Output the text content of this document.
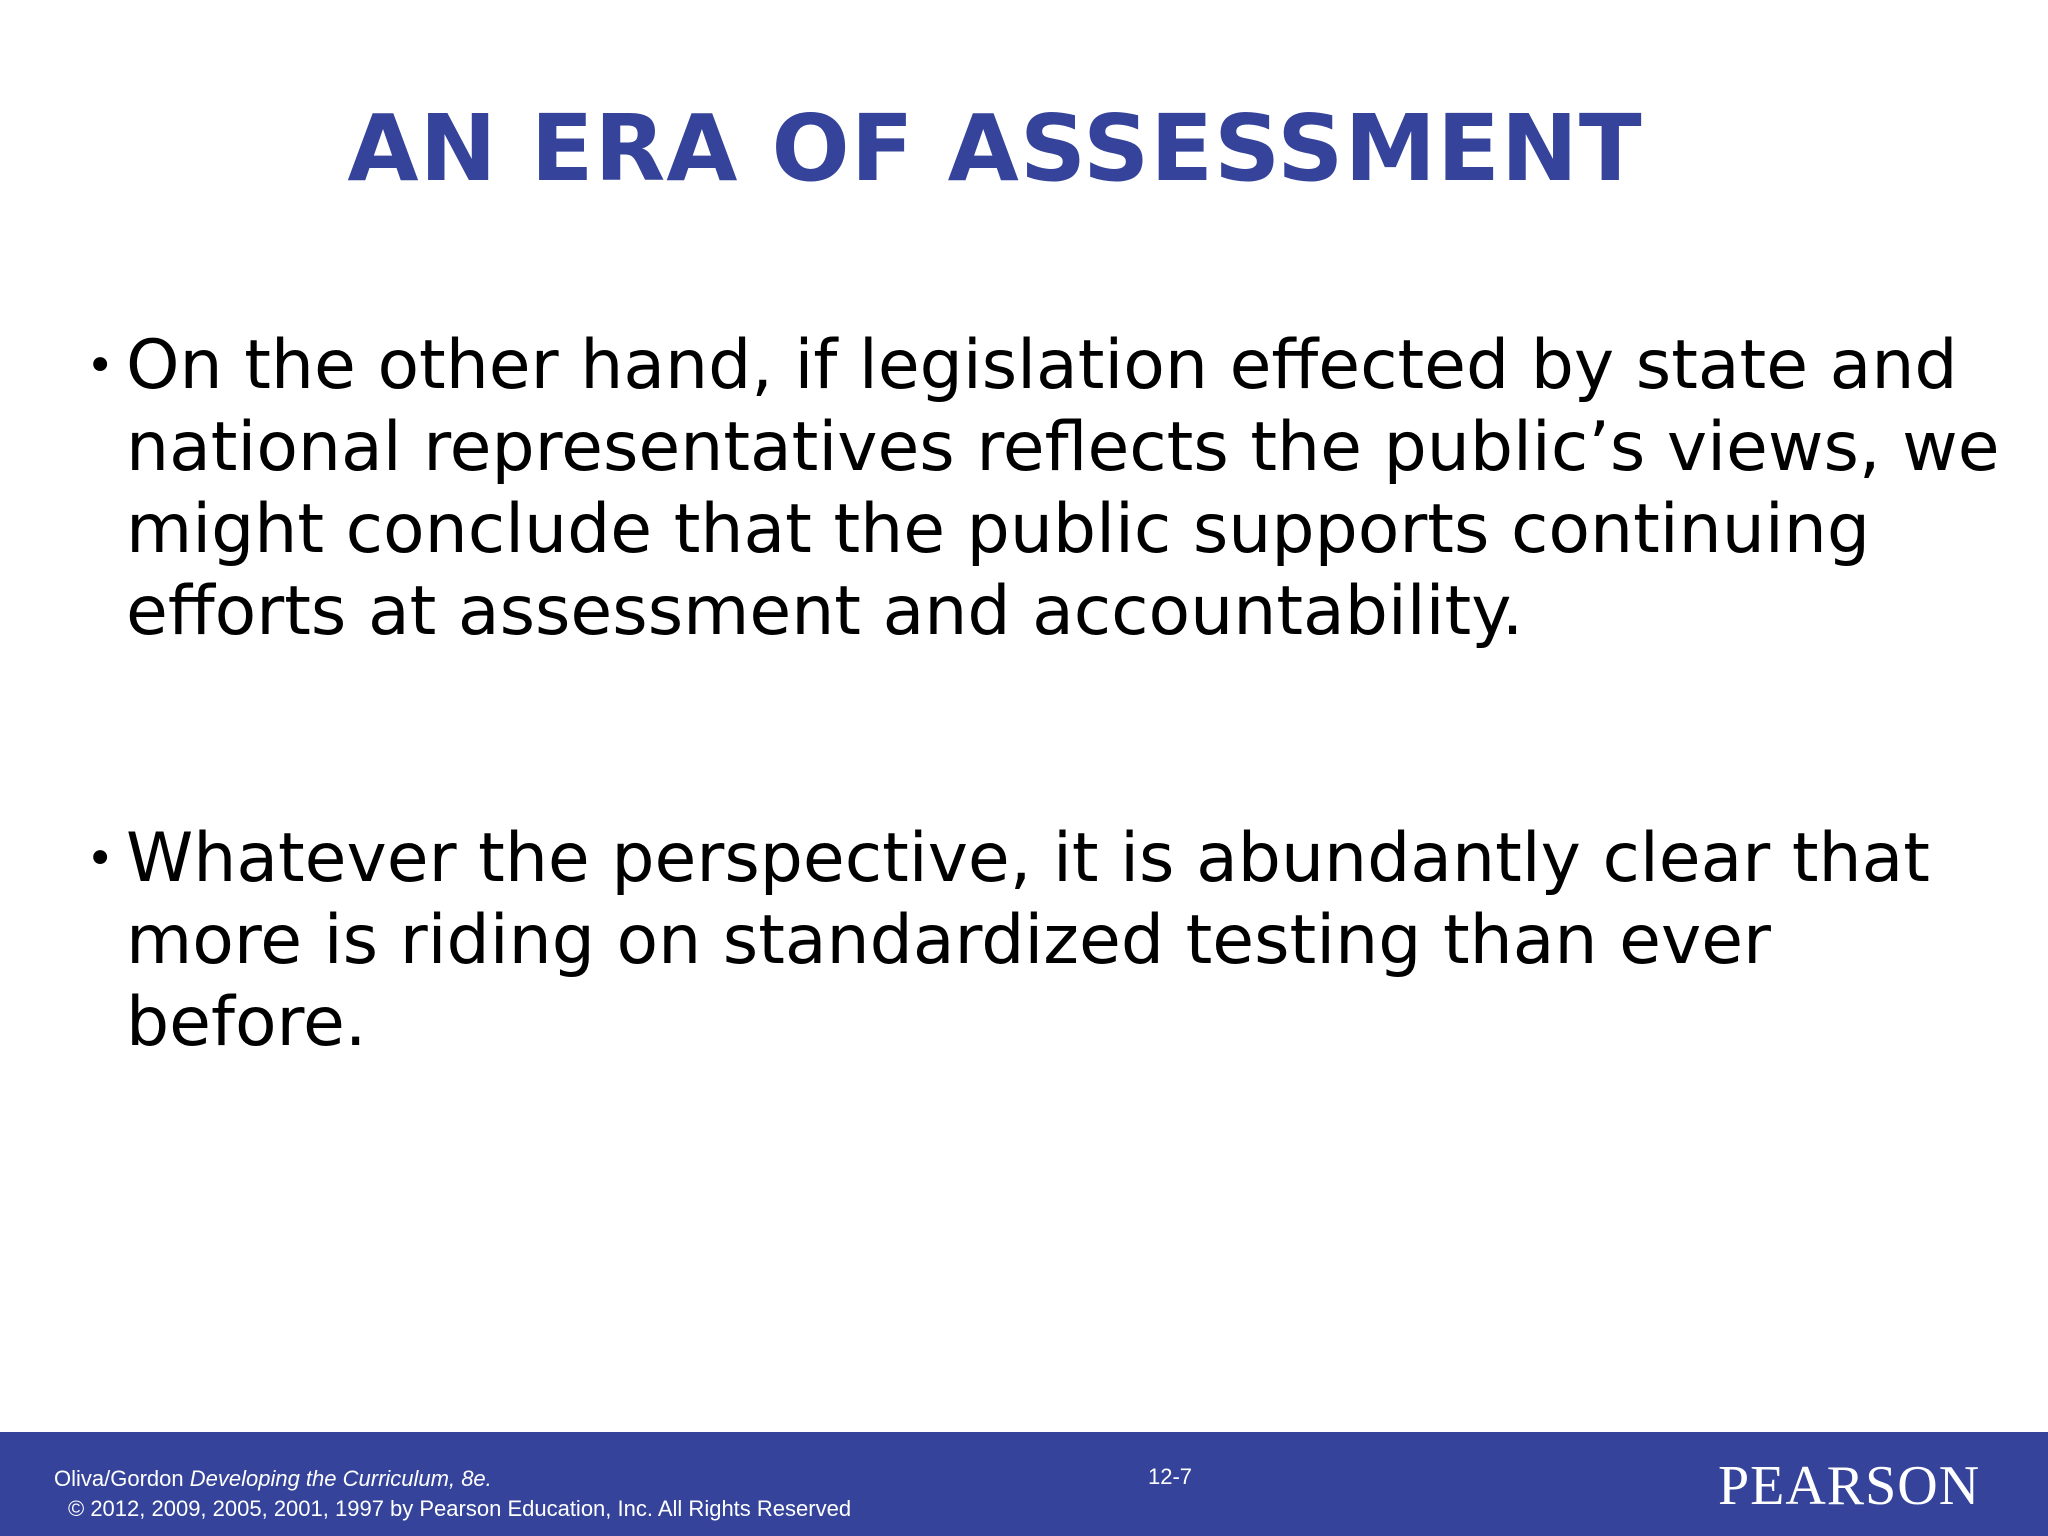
AN ERA OF ASSESSMENT
• On the other hand, if legislation effected by state and national representatives reflects the public’s views, we might conclude that the public supports continuing efforts at assessment and accountability.
• Whatever the perspective, it is abundantly clear that more is riding on standardized testing than ever before.
Oliva/Gordon Developing the Curriculum, 8e.
© 2012, 2009, 2005, 2001, 1997 by Pearson Education, Inc. All Rights Reserved
12-7	PEARSON
